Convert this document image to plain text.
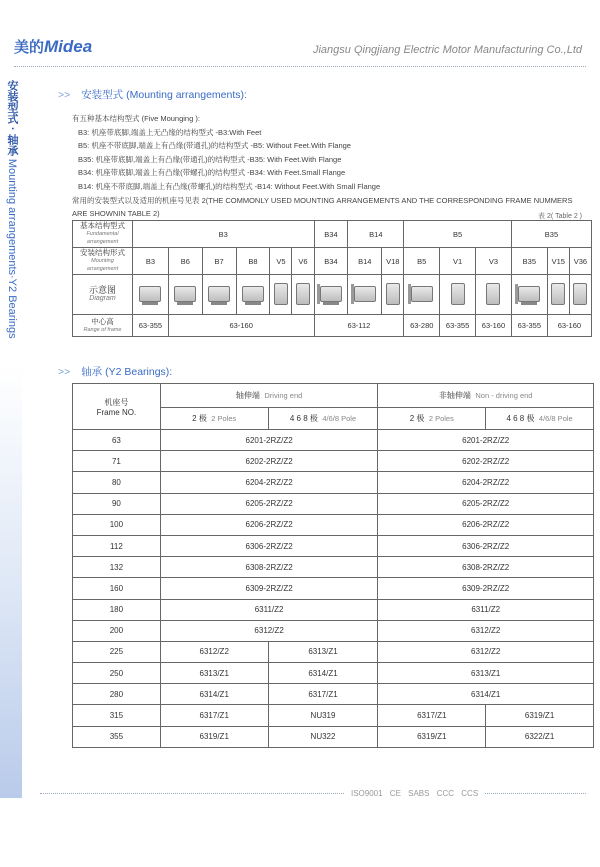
美的Midea	Jiangsu Qingjiang Electric Motor Manufacturing Co.,Ltd
安装型式 · 轴承 Mounting arrangements·Y2 Bearings
>> 安装型式 (Mounting arrangements):
有五种基本结构型式 (Five Mounging ):
B3: 机座带底脚,端盖上无凸缘的结构型式 -B3:With Feet
B5: 机座不带底脚,端盖上有凸缘(带通孔)的结构型式 -B5: Without Feet.With Flange
B35: 机座带底脚,端盖上有凸缘(带通孔)的结构型式 -B35: With Feet.With Flange
B34: 机座带底脚,端盖上有凸缘(带螺孔)的结构型式 -B34: With Feet.Small Flange
B14: 机座不带底脚,端盖上有凸缘(带螺孔)的结构型式 -B14: Without Feet.With Small Flange
常用的安装型式以及适用的机座号见表 2(THE COMMONLY USED MOUNTING ARRANGEMENTS AND THE CORRESPONDING FRAME NUMMERS
ARE SHOWNIN TABLE 2)	表 2( Table 2 )
基本结构型式
Fundamental arrangement	B3						B34	B14		B5			B35		
安装结构形式
Mounting arrangement	B3	B6	B7	B8	V5	V6	B34	B14	V18	B5	V1	V3	B35	V15	V36
示意图
Diagram															

中心高
Range of frame	63-355	63-160					63-112			63-280	63-355	63-160	63-355	63-160	
>> 轴承 (Y2 Bearings):
机座号
Frame NO.	轴伸端 Driving end		非轴伸端 Non - driving end	
	2 极 2 Poles	4 6 8 极 4/6/8 Pole	2 极 2 Poles	4 6 8 极 4/6/8 Pole
63	6201-2RZ/Z2		6201-2RZ/Z2	
71	6202-2RZ/Z2		6202-2RZ/Z2	
80	6204-2RZ/Z2		6204-2RZ/Z2	
90	6205-2RZ/Z2		6205-2RZ/Z2	
100	6206-2RZ/Z2		6206-2RZ/Z2	
112	6306-2RZ/Z2		6306-2RZ/Z2	
132	6308-2RZ/Z2		6308-2RZ/Z2	
160	6309-2RZ/Z2		6309-2RZ/Z2	
180	6311/Z2		6311/Z2	
200	6312/Z2		6312/Z2	
225	6312/Z2	6313/Z1	6312/Z2	
250	6313/Z1	6314/Z1	6313/Z1	
280	6314/Z1	6317/Z1	6314/Z1	
315	6317/Z1	NU319	6317/Z1	6319/Z1
355	6319/Z1	NU322	6319/Z1	6322/Z1
ISO9001 CE SABS CCC CCS
